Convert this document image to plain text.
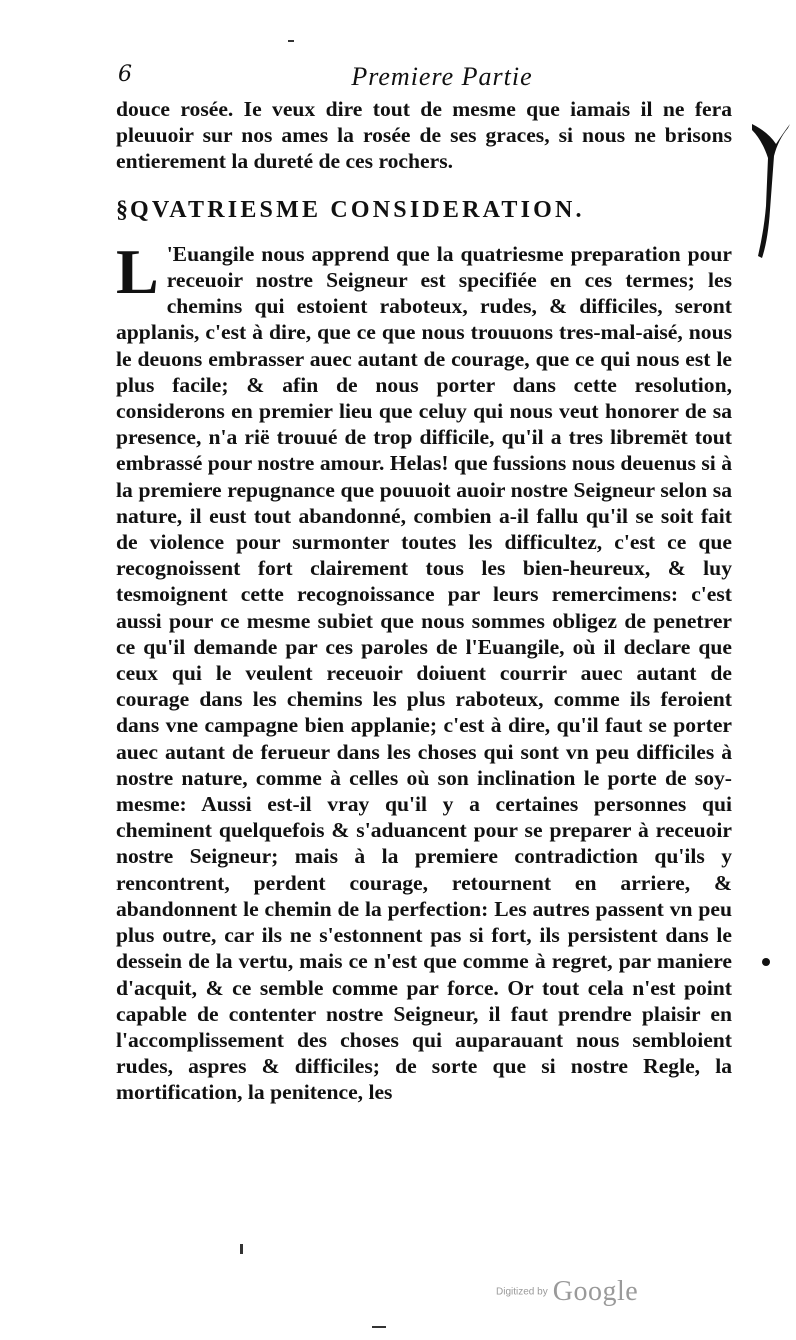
6	Premiere Partie

douce rosée. Ie veux dire tout de mesme que iamais il ne fera pleuuoir sur nos ames la rosée de ses graces, si nous ne brisons entierement la dureté de ces rochers.

§QVATRIESME CONSIDERATION.

L 'Euangile nous apprend que la quatriesme preparation pour receuoir nostre Seigneur est specifiée en ces termes; les chemins qui estoient raboteux, rudes, & difficiles, seront applanis, c'est à dire, que ce que nous trouuons tres-mal-aisé, nous le deuons embrasser auec autant de courage, que ce qui nous est le plus facile; & afin de nous porter dans cette resolution, considerons en premier lieu que celuy qui nous veut honorer de sa presence, n'a rië trouué de trop difficile, qu'il a tres libremët tout embrassé pour nostre amour. Helas! que fussions nous deuenus si à la premiere repugnance que pouuoit auoir nostre Seigneur selon sa nature, il eust tout abandonné, combien a-il fallu qu'il se soit fait de violence pour surmonter toutes les difficultez, c'est ce que recognoissent fort clairement tous les bien-heureux, & luy tesmoignent cette recognoissance par leurs remercimens: c'est aussi pour ce mesme subiet que nous sommes obligez de penetrer ce qu'il demande par ces paroles de l'Euangile, où il declare que ceux qui le veulent receuoir doiuent courrir auec autant de courage dans les chemins les plus raboteux, comme ils feroient dans vne campagne bien applanie; c'est à dire, qu'il faut se porter auec autant de ferueur dans les choses qui sont vn peu difficiles à nostre nature, comme à celles où son inclination le porte de soy-mesme: Aussi est-il vray qu'il y a certaines personnes qui cheminent quelquefois & s'aduancent pour se preparer à receuoir nostre Seigneur; mais à la premiere contradiction qu'ils y rencontrent, perdent courage, retournent en arriere, & abandonnent le chemin de la perfection: Les autres passent vn peu plus outre, car ils ne s'estonnent pas si fort, ils persistent dans le dessein de la vertu, mais ce n'est que comme à regret, par maniere d'acquit, & ce semble comme par force. Or tout cela n'est point capable de contenter nostre Seigneur, il faut prendre plaisir en l'accomplissement des choses qui auparauant nous sembloient rudes, aspres & difficiles; de sorte que si nostre Regle, la mortification, la penitence, les

Digitized by Google
